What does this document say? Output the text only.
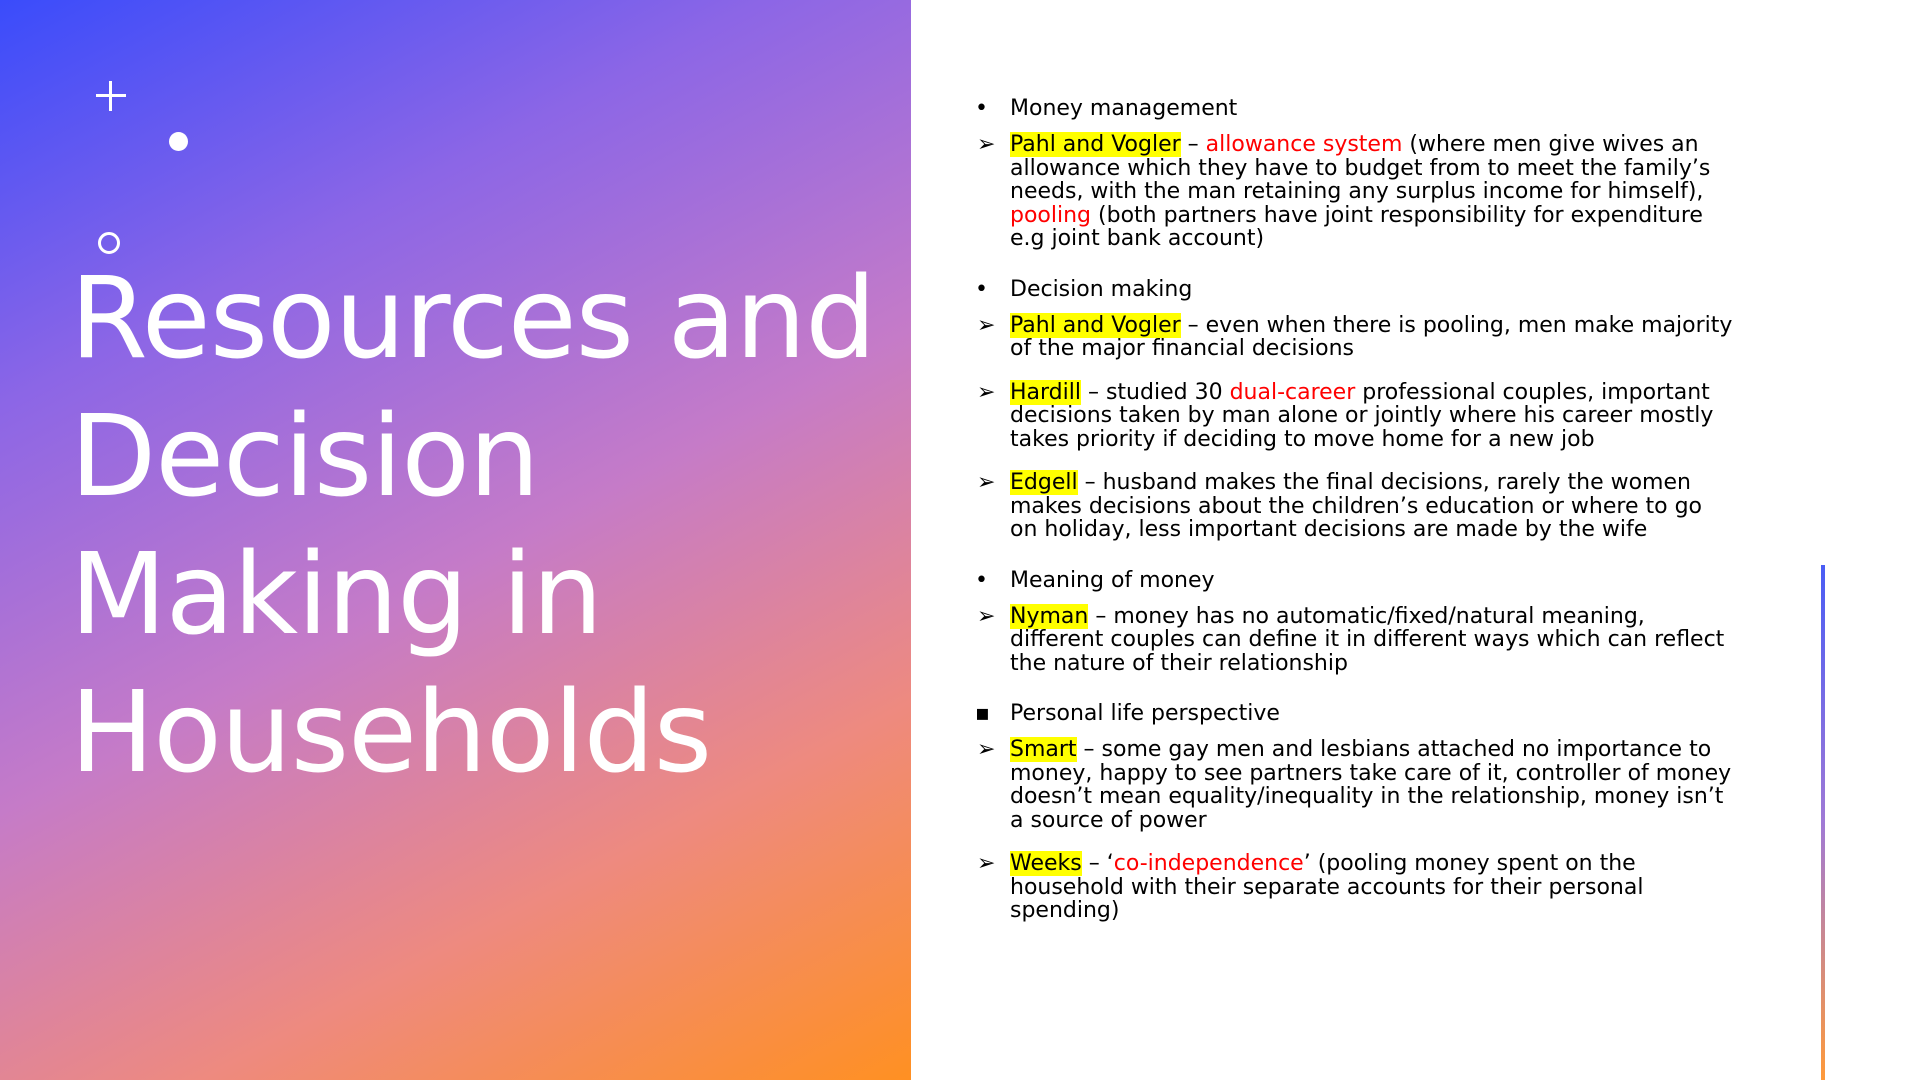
Resources and
Decision
Making in
Households
•	Money management
➢ Pahl and Vogler – allowance system (where men give wives an allowance which they have to budget from to meet the family’s needs, with the man retaining any surplus income for himself), pooling (both partners have joint responsibility for expenditure e.g joint bank account)
•	Decision making
➢ Pahl and Vogler – even when there is pooling, men make majority of the major financial decisions
➢ Hardill – studied 30 dual-career professional couples, important decisions taken by man alone or jointly where his career mostly takes priority if deciding to move home for a new job
➢ Edgell – husband makes the final decisions, rarely the women makes decisions about the children’s education or where to go on holiday, less important decisions are made by the wife
•	Meaning of money
➢ Nyman – money has no automatic/fixed/natural meaning, different couples can define it in different ways which can reflect the nature of their relationship
▪ Personal life perspective
➢ Smart – some gay men and lesbians attached no importance to money, happy to see partners take care of it, controller of money doesn’t mean equality/inequality in the relationship, money isn’t a source of power
➢ Weeks – ‘co-independence’ (pooling money spent on the household with their separate accounts for their personal spending)
